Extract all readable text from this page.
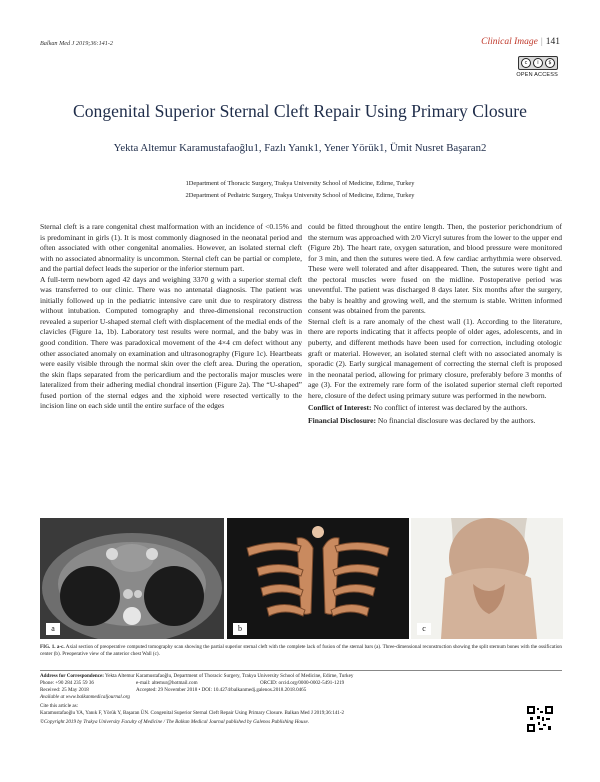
Balkan Med J 2019;36:141-2	Clinical Image | 141
c	i	$
OPEN ACCESS
Congenital Superior Sternal Cleft Repair Using Primary Closure
Yekta Altemur Karamustafaoğlu1, Fazlı Yanık1, Yener Yörük1, Ümit Nusret Başaran2
1Department of Thoracic Surgery, Trakya University School of Medicine, Edirne, Turkey
2Department of Pediatric Surgery, Trakya University School of Medicine, Edirne, Turkey

Sternal cleft is a rare congenital chest malformation with an incidence of <0.15% and is predominant in girls (1). It is most commonly diagnosed in the neonatal period and often associated with other congenital anomalies. However, an isolated sternal cleft with no associated abnormality is uncommon. Sternal cleft can be partial or complete, and the partial defect leads the superior or the inferior sternum part.

A full-term newborn aged 42 days and weighing 3370 g with a superior sternal cleft was transferred to our clinic. There was no antenatal diagnosis. The patient was initially followed up in the pediatric intensive care unit due to respiratory distress without intubation. Computed tomography and three-dimensional reconstruction revealed a superior U-shaped sternal cleft with displacement of the medial ends of the clavicles (Figure 1a, 1b). Laboratory test results were normal, and the baby was in good condition. There was paradoxical movement of the 4×4 cm defect without any other associated anomaly on examination and ultrasonography (Figure 1c). Heartbeats were easily visible through the normal skin over the cleft area. During the operation, the skin flaps separated from the pericardium and the pectoralis major muscles were lateralized from their adhering medial chondral insertion (Figure 2a). The “U-shaped” fused portion of the sternal edges and the xiphoid were resected vertically to the incision line on each side until the entire surface of the edges

could be fitted throughout the entire length. Then, the posterior perichondrium of the sternum was approached with 2/0 Vicryl sutures from the lower to the upper end (Figure 2b). The heart rate, oxygen saturation, and blood pressure were monitored for 3 min, and then the sutures were tied. A few cardiac arrhythmia were observed. These were well tolerated and after disappeared. Then, the sutures were tight and the pectoral muscles were fused on the midline. Postoperative period was uneventful. The patient was discharged 8 days later. Six months after the surgery, the baby is healthy and growing well, and the sternum is stable. Written informed consent was obtained from the parents.

Sternal cleft is a rare anomaly of the chest wall (1). According to the literature, there are reports indicating that it affects people of older ages, adolescents, and in puberty, and different methods have been used for correction, including otologic graft or material. However, an isolated sternal cleft with no associated anomaly is sporadic (2). Early surgical management of correcting the sternal cleft is proposed in the neonatal period, allowing for primary closure, preferably before 3 months of age (3). For the extremely rare form of the isolated superior sternal cleft reported here, closure of the defect using primary suture was performed in the newborn.

Conflict of Interest: No conflict of interest was declared by the authors.

Financial Disclosure: No financial disclosure was declared by the authors.

a	b	c
FIG. 1. a-c. Axial section of preoperative computed tomography scan showing the partial superior sternal cleft with the complete lack of fusion of the sternal bars (a). Three-dimensional reconstruction showing the split sternum bones with the ossification center (b). Preoperative view of the anterior chest Wall (c).
Address for Correspondence: Yekta Altemur Karamustafaoğlu, Department of Thoracic Surgery, Trakya University School of Medicine, Edirne, Turkey
Phone: +90 284 235 59 36	e-mail: altemur@hotmail.com	ORCID: orcid.org/0000-0002-5491-1219
Received: 25 May 2018	Accepted: 29 November 2018 • DOI: 10.4274/balkanmedj.galenos.2018.2018.0465
Available at www.balkanmedicaljournal.org
Cite this article as:
Karamustafaoğlu YA, Yanık F, Yörük Y, Başaran ÜN. Congenital Superior Sternal Cleft Repair Using Primary Closure. Balkan Med J 2019;36:141-2
©Copyright 2019 by Trakya University Faculty of Medicine / The Balkan Medical Journal published by Galenos Publishing House.
